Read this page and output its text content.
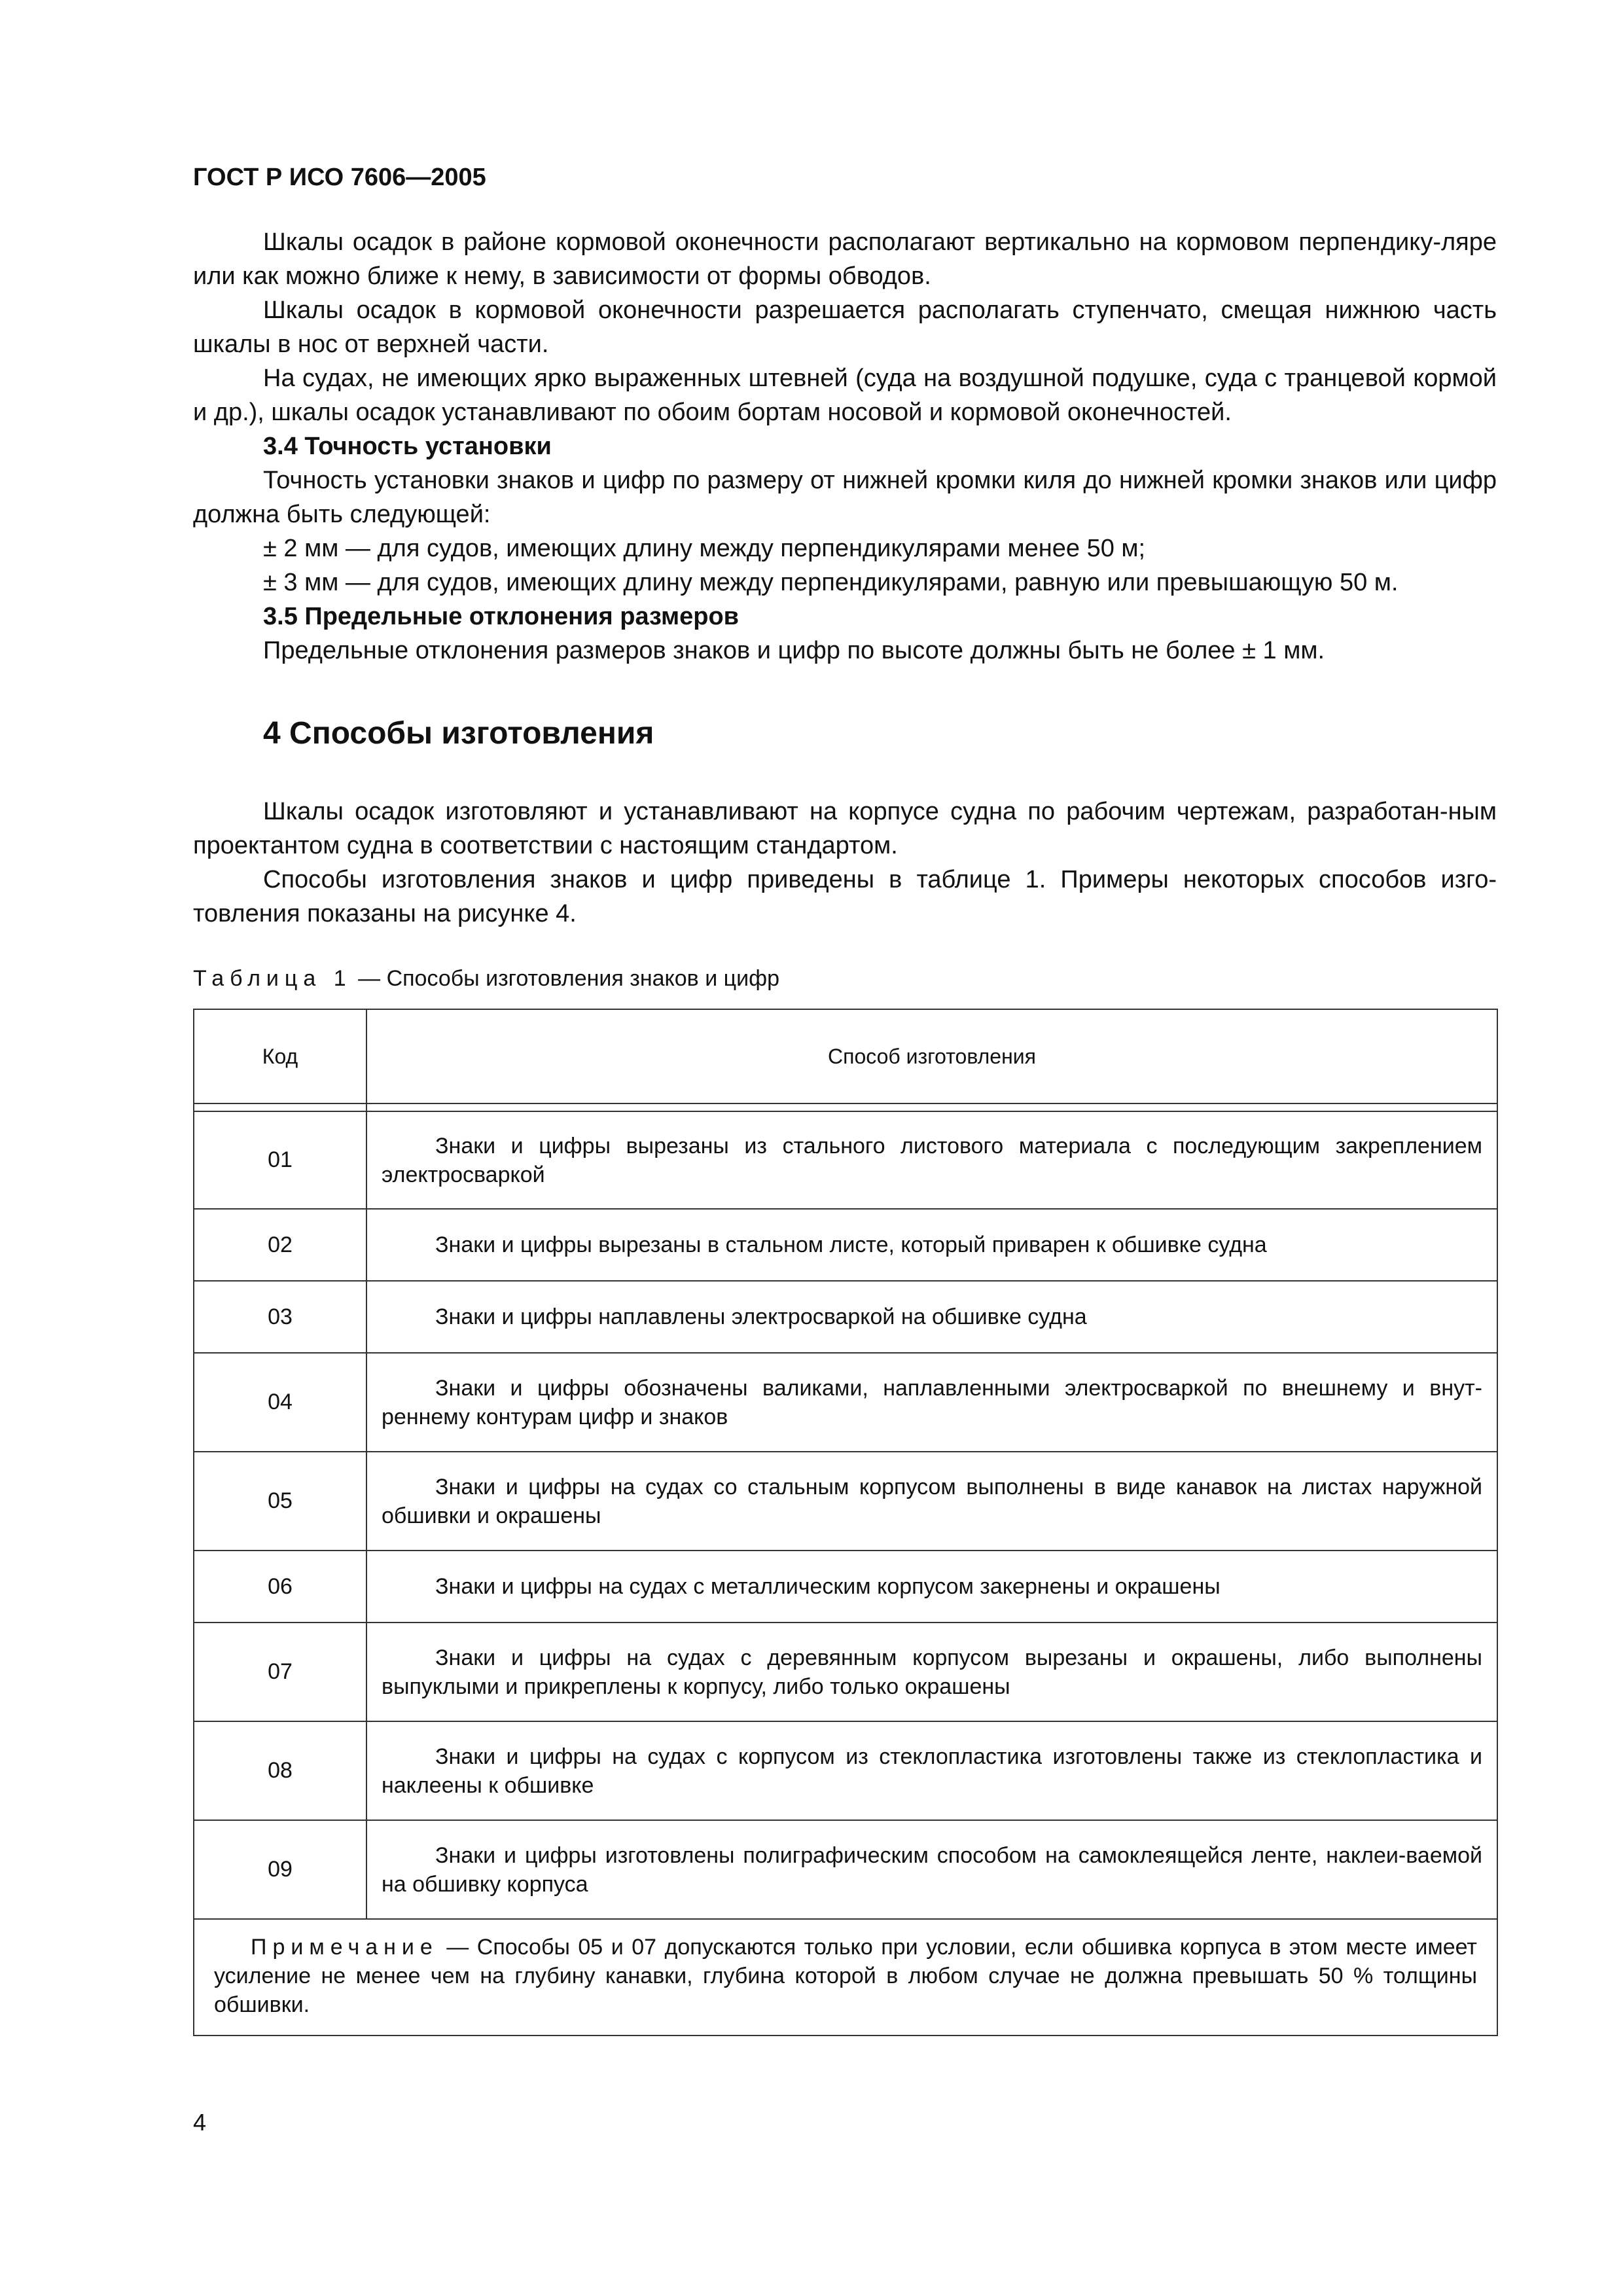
ГОСТ Р ИСО 7606—2005

Шкалы осадок в районе кормовой оконечности располагают вертикально на кормовом перпендику-ляре или как можно ближе к нему, в зависимости от формы обводов.

Шкалы осадок в кормовой оконечности разрешается располагать ступенчато, смещая нижнюю часть шкалы в нос от верхней части.

На судах, не имеющих ярко выраженных штевней (суда на воздушной подушке, суда с транцевой кормой и др.), шкалы осадок устанавливают по обоим бортам носовой и кормовой оконечностей.

3.4 Точность установки

Точность установки знаков и цифр по размеру от нижней кромки киля до нижней кромки знаков или цифр должна быть следующей:

± 2 мм — для судов, имеющих длину между перпендикулярами менее 50 м;

± 3 мм — для судов, имеющих длину между перпендикулярами, равную или превышающую 50 м.

3.5 Предельные отклонения размеров

Предельные отклонения размеров знаков и цифр по высоте должны быть не более ± 1 мм.

4 Способы изготовления

Шкалы осадок изготовляют и устанавливают на корпусе судна по рабочим чертежам, разработан-ным проектантом судна в соответствии с настоящим стандартом.

Способы изготовления знаков и цифр приведены в таблице 1. Примеры некоторых способов изго-товления показаны на рисунке 4.

Таблица 1 — Способы изготовления знаков и цифр
Код	Способ изготовления

01	Знаки и цифры вырезаны из стального листового материала с последующим закреплением электросваркой
02	Знаки и цифры вырезаны в стальном листе, который приварен к обшивке судна
03	Знаки и цифры наплавлены электросваркой на обшивке судна
04	Знаки и цифры обозначены валиками, наплавленными электросваркой по внешнему и внут-реннему контурам цифр и знаков
05	Знаки и цифры на судах со стальным корпусом выполнены в виде канавок на листах наружной обшивки и окрашены
06	Знаки и цифры на судах с металлическим корпусом закернены и окрашены
07	Знаки и цифры на судах с деревянным корпусом вырезаны и окрашены, либо выполнены выпуклыми и прикреплены к корпусу, либо только окрашены
08	Знаки и цифры на судах с корпусом из стеклопластика изготовлены также из стеклопластика и наклеены к обшивке
09	Знаки и цифры изготовлены полиграфическим способом на самоклеящейся ленте, наклеи-ваемой на обшивку корпуса
Примечание — Способы 05 и 07 допускаются только при условии, если обшивка корпуса в этом месте имеет усиление не менее чем на глубину канавки, глубина которой в любом случае не должна превышать 50 % толщины обшивки.	
4
